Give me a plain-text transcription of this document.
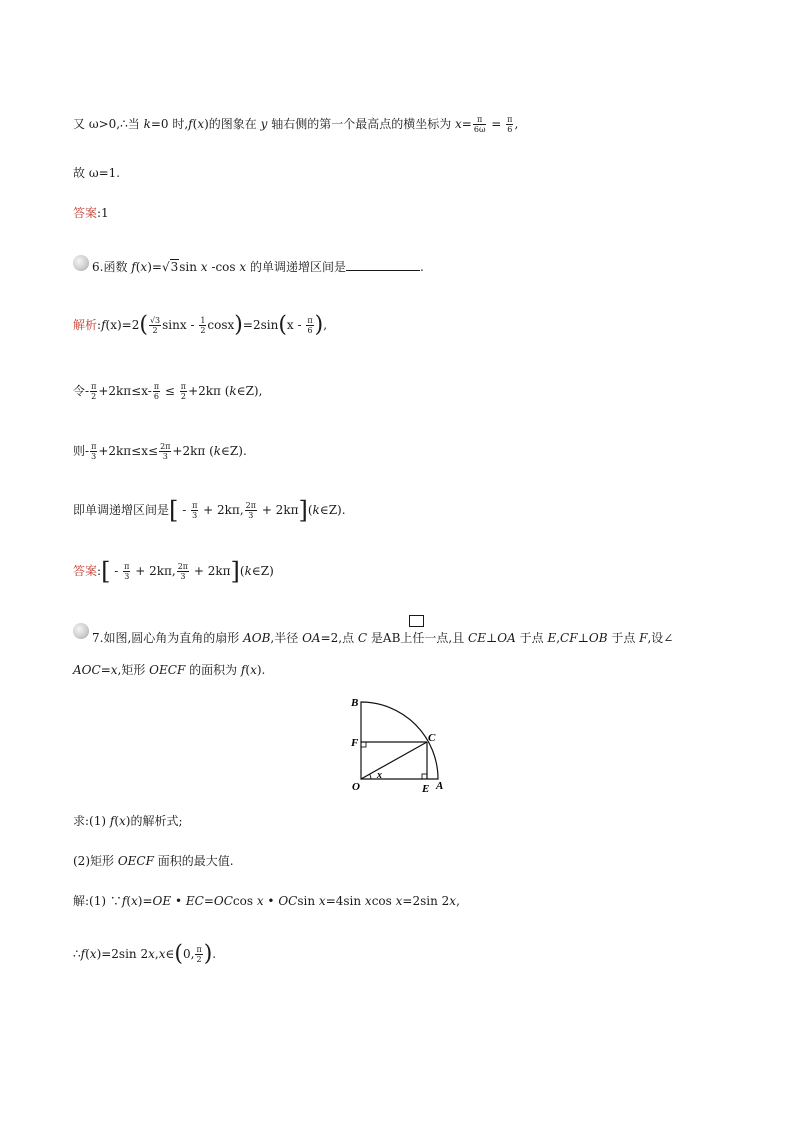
又 ω>0,∴当 k=0 时,f(x)的图象在 y 轴右侧的第一个最高点的横坐标为 $x= \frac{\pi}{6\omega} = \frac{\pi}{6}$ ,
故 ω=1.
答案:1
6.函数 f(x)=√3sin x -cos x 的单调递增区间是	.
解析:f(x)=2( $\frac{√3}{2}$ $\sin x - \frac{1}{2} \cos x)=2\sin(x - \frac{\pi}{6}$ ),
令- $\frac{\pi}{2} +2k\pi\le x- \frac{\pi}{6} \le \frac{\pi}{2} +2k\pi$ (k∈Z),
则- $\frac{\pi}{3} +2k\pi\le x\le \frac{2\pi}{3} +2k\pi$ (k∈Z).
即单调递增区间是[ - $\frac{\pi}{3} + 2k\pi$, $\frac{2\pi}{3}$ + 2kπ](k∈Z).
答案:[ - $\frac{\pi}{3} + 2k\pi$, $\frac{2\pi}{3}$ + 2kπ](k∈Z)
7.如图,圆心角为直角的扇形 AOB,半径 OA=2,点 C 是AB上任一点,且 CE⊥OA 于点 E,CF⊥OB 于点 F,设∠
AOC=x,矩形 OECF 的面积为 f(x).
B
F
O
C
x
E A
求:(1) f(x)的解析式;
(2)矩形 OECF 面积的最大值.
解:(1) ∵f(x)=OE • EC=OCcos x • OCsin x=4sin xcos x=2sin 2x,
∴f(x)=2sin 2x,x∈(0, $\frac{\pi}{2}$ ).
